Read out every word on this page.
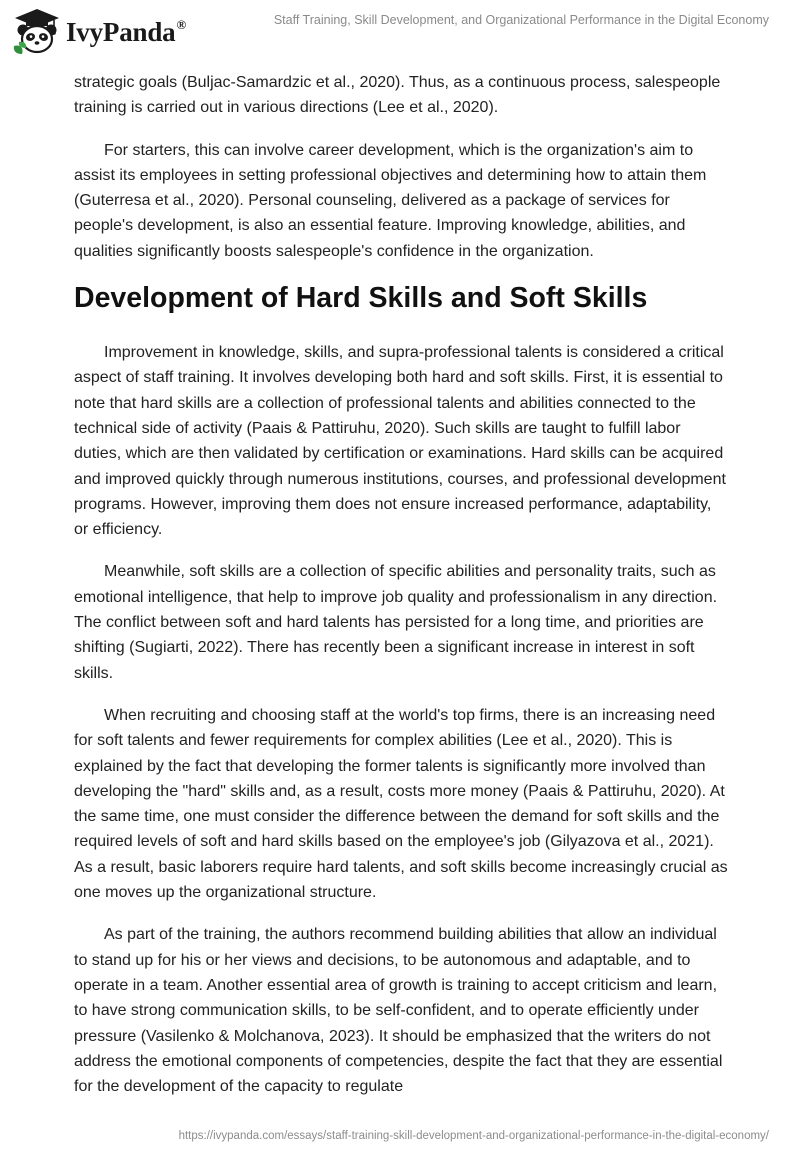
IvyPanda®	Staff Training, Skill Development, and Organizational Performance in the Digital Economy

strategic goals (Buljac-Samardzic et al., 2020). Thus, as a continuous process, salespeople training is carried out in various directions (Lee et al., 2020).

For starters, this can involve career development, which is the organization's aim to assist its employees in setting professional objectives and determining how to attain them (Guterresa et al., 2020). Personal counseling, delivered as a package of services for people's development, is also an essential feature. Improving knowledge, abilities, and qualities significantly boosts salespeople's confidence in the organization.

Development of Hard Skills and Soft Skills

Improvement in knowledge, skills, and supra-professional talents is considered a critical aspect of staff training. It involves developing both hard and soft skills. First, it is essential to note that hard skills are a collection of professional talents and abilities connected to the technical side of activity (Paais & Pattiruhu, 2020). Such skills are taught to fulfill labor duties, which are then validated by certification or examinations. Hard skills can be acquired and improved quickly through numerous institutions, courses, and professional development programs. However, improving them does not ensure increased performance, adaptability, or efficiency.

Meanwhile, soft skills are a collection of specific abilities and personality traits, such as emotional intelligence, that help to improve job quality and professionalism in any direction. The conflict between soft and hard talents has persisted for a long time, and priorities are shifting (Sugiarti, 2022). There has recently been a significant increase in interest in soft skills.

When recruiting and choosing staff at the world's top firms, there is an increasing need for soft talents and fewer requirements for complex abilities (Lee et al., 2020). This is explained by the fact that developing the former talents is significantly more involved than developing the "hard" skills and, as a result, costs more money (Paais & Pattiruhu, 2020). At the same time, one must consider the difference between the demand for soft skills and the required levels of soft and hard skills based on the employee's job (Gilyazova et al., 2021). As a result, basic laborers require hard talents, and soft skills become increasingly crucial as one moves up the organizational structure.

As part of the training, the authors recommend building abilities that allow an individual to stand up for his or her views and decisions, to be autonomous and adaptable, and to operate in a team. Another essential area of growth is training to accept criticism and learn, to have strong communication skills, to be self-confident, and to operate efficiently under pressure (Vasilenko & Molchanova, 2023). It should be emphasized that the writers do not address the emotional components of competencies, despite the fact that they are essential for the development of the capacity to regulate

https://ivypanda.com/essays/staff-training-skill-development-and-organizational-performance-in-the-digital-economy/
